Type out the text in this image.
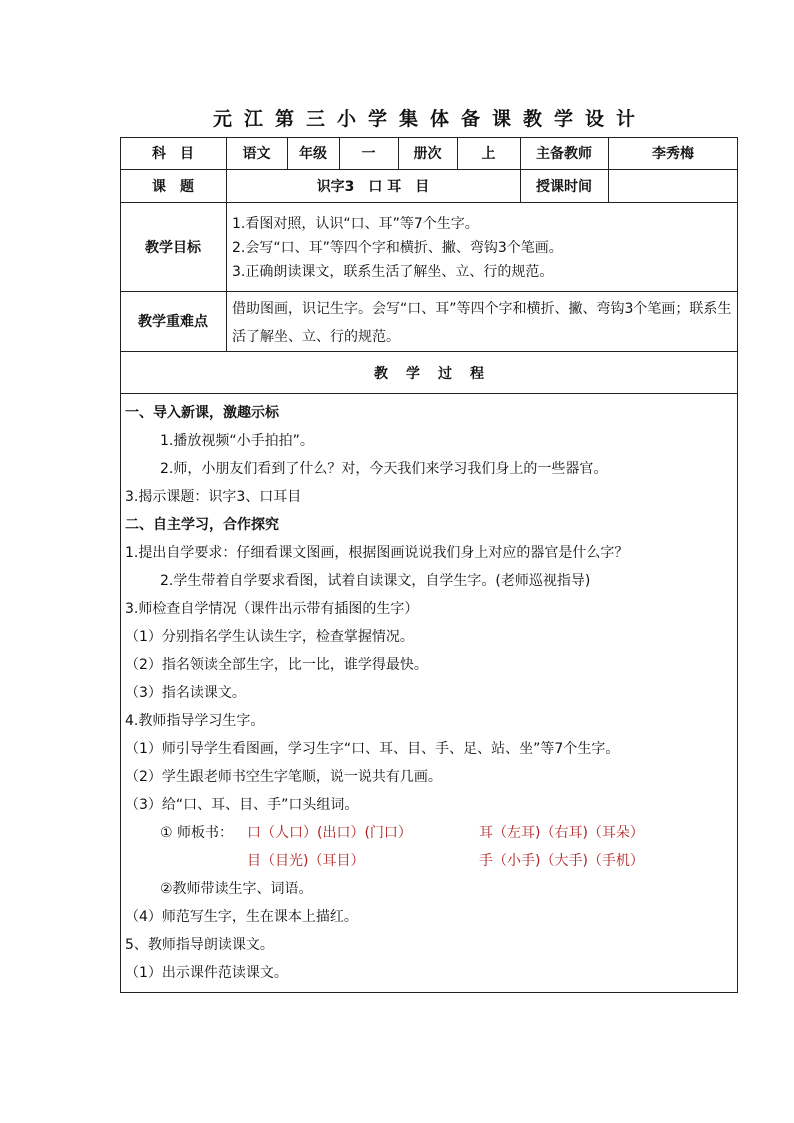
元江第三小学集体备课教学设计
科　目	语文	年级	一	册次	上	主备教师	李秀梅
课　题	识字3　口 耳　目	授课时间
教学目标
1.看图对照，认识“口、耳”等7个生字。
2.会写“口、耳”等四个字和横折、撇、弯钩3个笔画。
3.正确朗读课文，联系生活了解坐、立、行的规范。
教学重难点
借助图画，识记生字。会写“口、耳”等四个字和横折、撇、弯钩3个笔画；联系生活了解坐、立、行的规范。
教学过程
一、导入新课，激趣示标
1.播放视频“小手拍拍”。
2.师，小朋友们看到了什么？对，今天我们来学习我们身上的一些器官。
3.揭示课题：识字3、口耳目
二、自主学习，合作探究
1.提出自学要求：仔细看课文图画，根据图画说说我们身上对应的器官是什么字？
2.学生带着自学要求看图，试着自读课文，自学生字。(老师巡视指导)
3.师检查自学情况（课件出示带有插图的生字）
（1）分别指名学生认读生字，检查掌握情况。
（2）指名领读全部生字，比一比，谁学得最快。
（3）指名读课文。
4.教师指导学习生字。
（1）师引导学生看图画，学习生字“口、耳、目、手、足、站、坐”等7个生字。
（2）学生跟老师书空生字笔顺，说一说共有几画。
（3）给“口、耳、目、手”口头组词。
① 师板书： 口（人口）(出口）(门口）	耳（左耳)（右耳)（耳朵）
目（目光)（耳目）	手（小手)（大手)（手机）
②教师带读生字、词语。
（4）师范写生字，生在课本上描红。
5、教师指导朗读课文。
（1）出示课件范读课文。
